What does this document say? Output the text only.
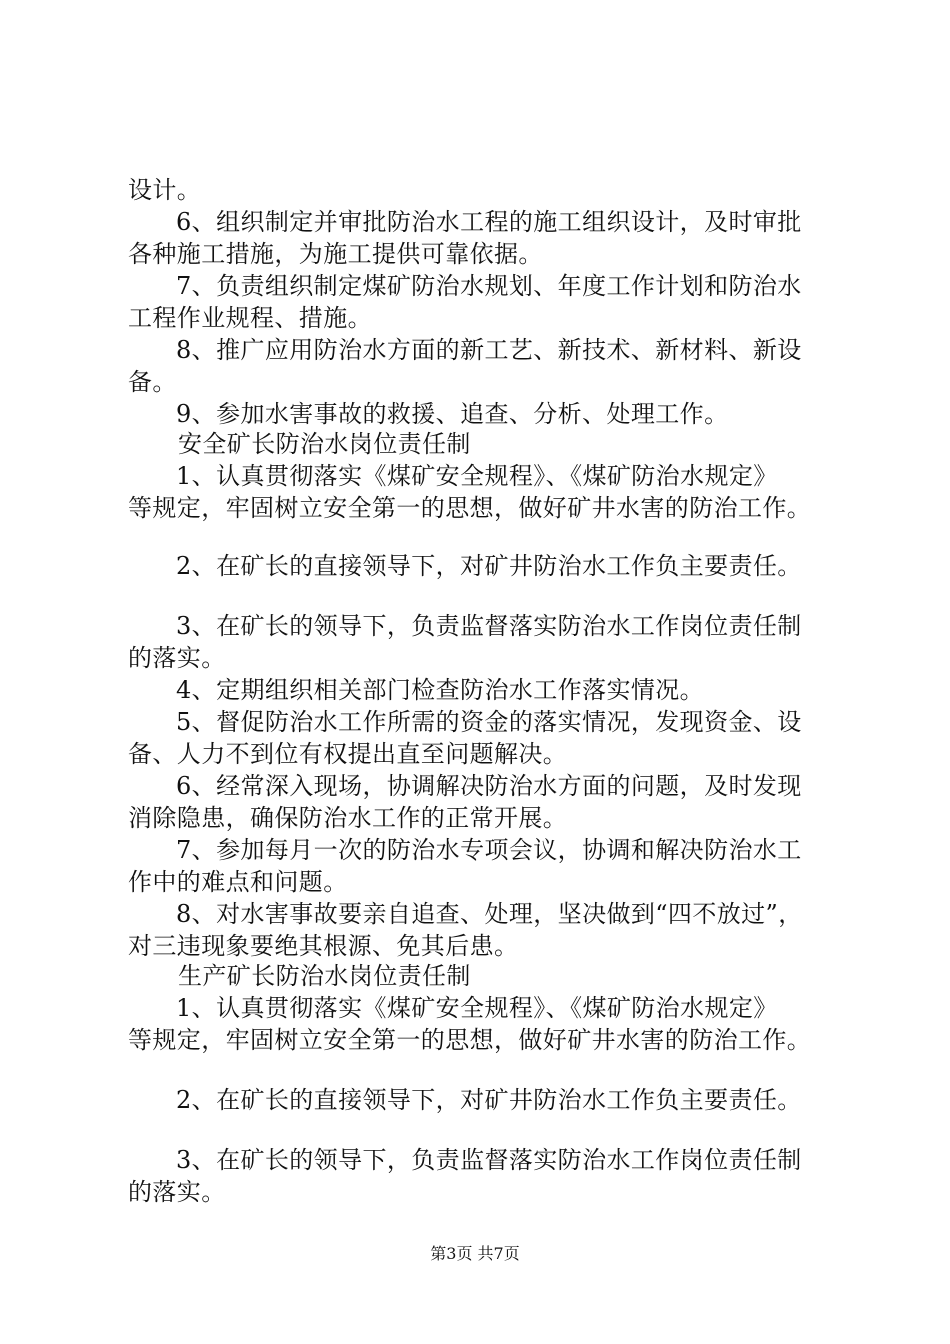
设计。
6、组织制定并审批防治水工程的施工组织设计，及时审批
各种施工措施，为施工提供可靠依据。
7、负责组织制定煤矿防治水规划、年度工作计划和防治水
工程作业规程、措施。
8、推广应用防治水方面的新工艺、新技术、新材料、新设
备。
9、参加水害事故的救援、追查、分析、处理工作。
安全矿长防治水岗位责任制
1、认真贯彻落实《煤矿安全规程》、《煤矿防治水规定》
等规定，牢固树立安全第一的思想，做好矿井水害的防治工作。
2、在矿长的直接领导下，对矿井防治水工作负主要责任。
3、在矿长的领导下，负责监督落实防治水工作岗位责任制
的落实。
4、定期组织相关部门检查防治水工作落实情况。
5、督促防治水工作所需的资金的落实情况，发现资金、设
备、人力不到位有权提出直至问题解决。
6、经常深入现场，协调解决防治水方面的问题，及时发现
消除隐患，确保防治水工作的正常开展。
7、参加每月一次的防治水专项会议，协调和解决防治水工
作中的难点和问题。
8、对水害事故要亲自追查、处理，坚决做到“四不放过”，
对三违现象要绝其根源、免其后患。
生产矿长防治水岗位责任制
1、认真贯彻落实《煤矿安全规程》、《煤矿防治水规定》
等规定，牢固树立安全第一的思想，做好矿井水害的防治工作。
2、在矿长的直接领导下，对矿井防治水工作负主要责任。
3、在矿长的领导下，负责监督落实防治水工作岗位责任制
的落实。
第3页 共7页
